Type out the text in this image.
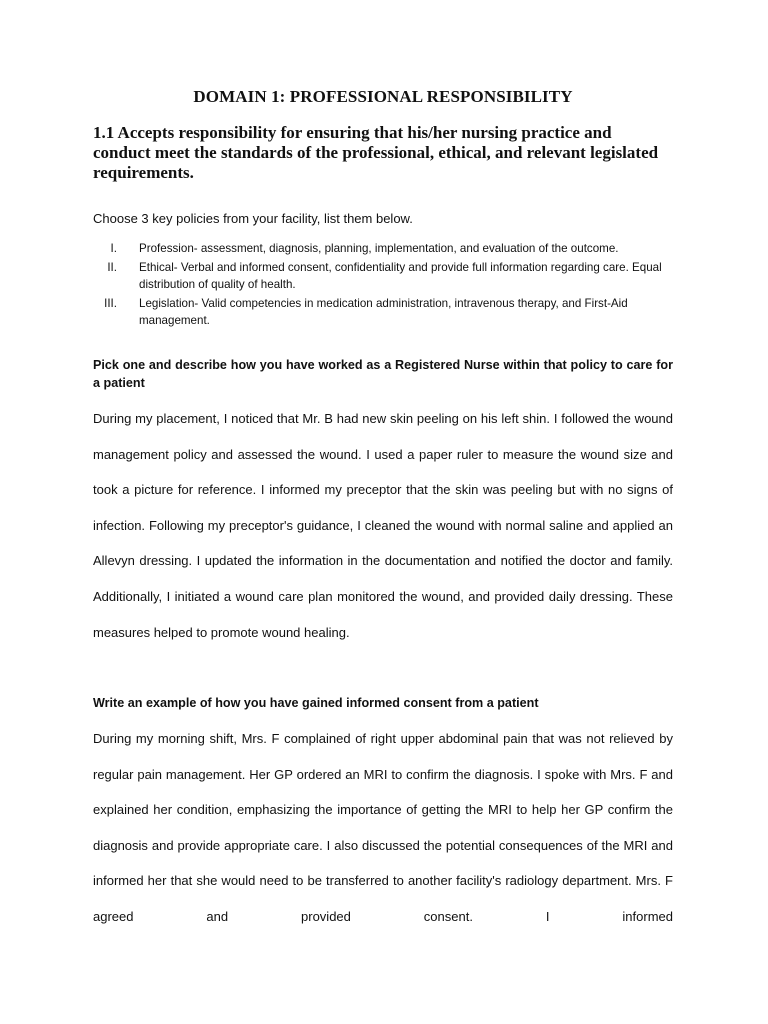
DOMAIN 1: PROFESSIONAL RESPONSIBILITY
1.1 Accepts responsibility for ensuring that his/her nursing practice and conduct meet the standards of the professional, ethical, and relevant legislated requirements.

Choose 3 key policies from your facility, list them below.

I. Profession- assessment, diagnosis, planning, implementation, and evaluation of the outcome.
II. Ethical- Verbal and informed consent, confidentiality and provide full information regarding care. Equal distribution of quality of health.
III. Legislation- Valid competencies in medication administration, intravenous therapy, and First-Aid management.

Pick one and describe how you have worked as a Registered Nurse within that policy to care for a patient

During my placement, I noticed that Mr. B had new skin peeling on his left shin. I followed the wound management policy and assessed the wound. I used a paper ruler to measure the wound size and took a picture for reference. I informed my preceptor that the skin was peeling but with no signs of infection. Following my preceptor's guidance, I cleaned the wound with normal saline and applied an Allevyn dressing. I updated the information in the documentation and notified the doctor and family. Additionally, I initiated a wound care plan monitored the wound, and provided daily dressing. These measures helped to promote wound healing.

Write an example of how you have gained informed consent from a patient

During my morning shift, Mrs. F complained of right upper abdominal pain that was not relieved by regular pain management. Her GP ordered an MRI to confirm the diagnosis. I spoke with Mrs. F and explained her condition, emphasizing the importance of getting the MRI to help her GP confirm the diagnosis and provide appropriate care. I also discussed the potential consequences of the MRI and informed her that she would need to be transferred to another facility's radiology department. Mrs. F agreed and provided consent. I informed
